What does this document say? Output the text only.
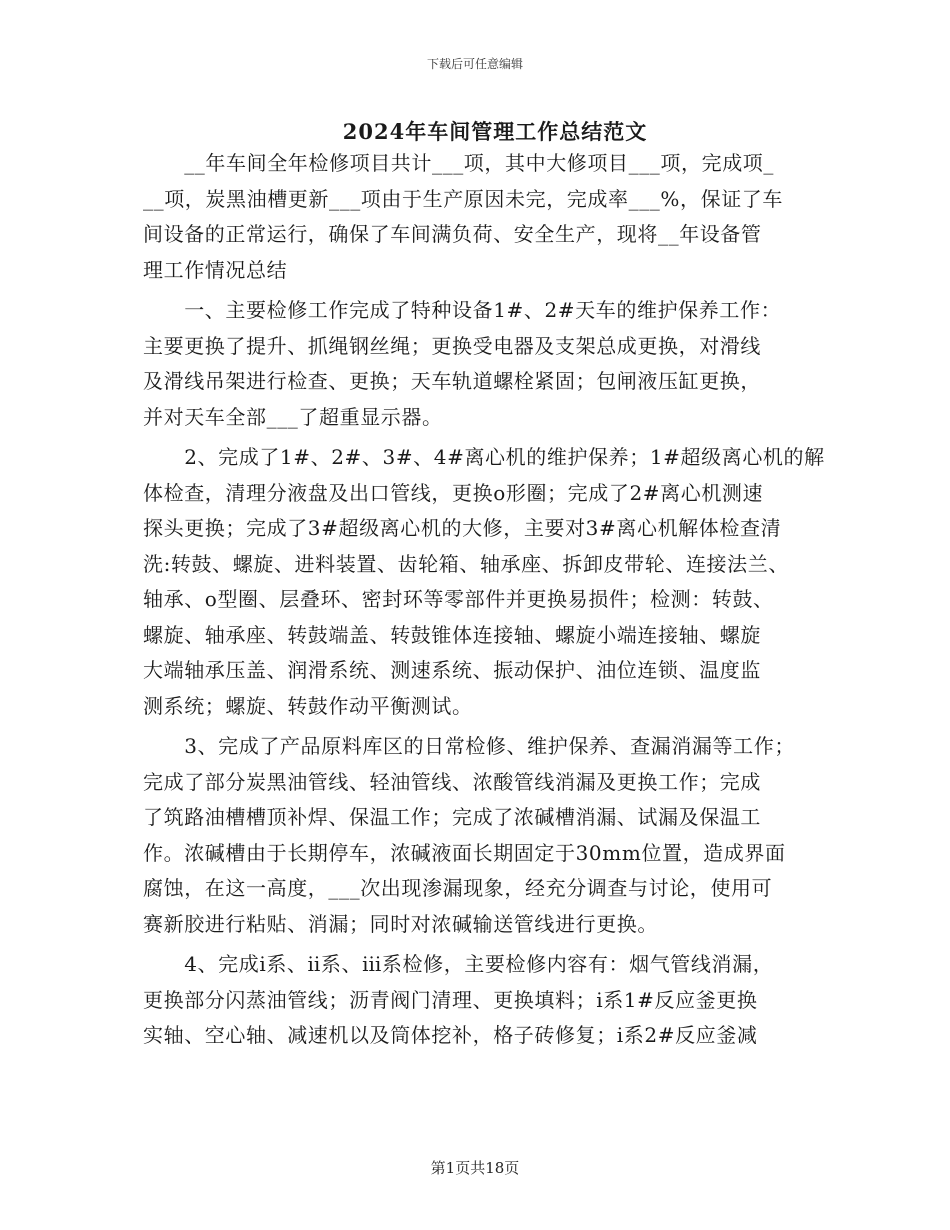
下载后可任意编辑
2024年车间管理工作总结范文
　　__年车间全年检修项目共计___项，其中大修项目___项，完成项_
__项，炭黑油槽更新___项由于生产原因未完，完成率___%，保证了车
间设备的正常运行，确保了车间满负荷、安全生产，现将__年设备管
理工作情况总结
　　一、主要检修工作完成了特种设备1#、2#天车的维护保养工作：
主要更换了提升、抓绳钢丝绳；更换受电器及支架总成更换，对滑线
及滑线吊架进行检查、更换；天车轨道螺栓紧固；包闸液压缸更换，
并对天车全部___了超重显示器。
　　2、完成了1#、2#、3#、4#离心机的维护保养；1#超级离心机的解
体检查，清理分液盘及出口管线，更换o形圈；完成了2#离心机测速
探头更换；完成了3#超级离心机的大修，主要对3#离心机解体检查清
洗:转鼓、螺旋、进料装置、齿轮箱、轴承座、拆卸皮带轮、连接法兰、
轴承、o型圈、层叠环、密封环等零部件并更换易损件；检测：转鼓、
螺旋、轴承座、转鼓端盖、转鼓锥体连接轴、螺旋小端连接轴、螺旋
大端轴承压盖、润滑系统、测速系统、振动保护、油位连锁、温度监
测系统；螺旋、转鼓作动平衡测试。
　　3、完成了产品原料库区的日常检修、维护保养、查漏消漏等工作；
完成了部分炭黑油管线、轻油管线、浓酸管线消漏及更换工作；完成
了筑路油槽槽顶补焊、保温工作；完成了浓碱槽消漏、试漏及保温工
作。浓碱槽由于长期停车，浓碱液面长期固定于30mm位置，造成界面
腐蚀，在这一高度，___次出现渗漏现象，经充分调查与讨论，使用可
赛新胶进行粘贴、消漏；同时对浓碱输送管线进行更换。
　　4、完成ⅰ系、ⅱ系、ⅲ系检修，主要检修内容有：烟气管线消漏，
更换部分闪蒸油管线；沥青阀门清理、更换填料；ⅰ系1#反应釜更换
实轴、空心轴、减速机以及筒体挖补，格子砖修复；ⅰ系2#反应釜减
第1页共18页
